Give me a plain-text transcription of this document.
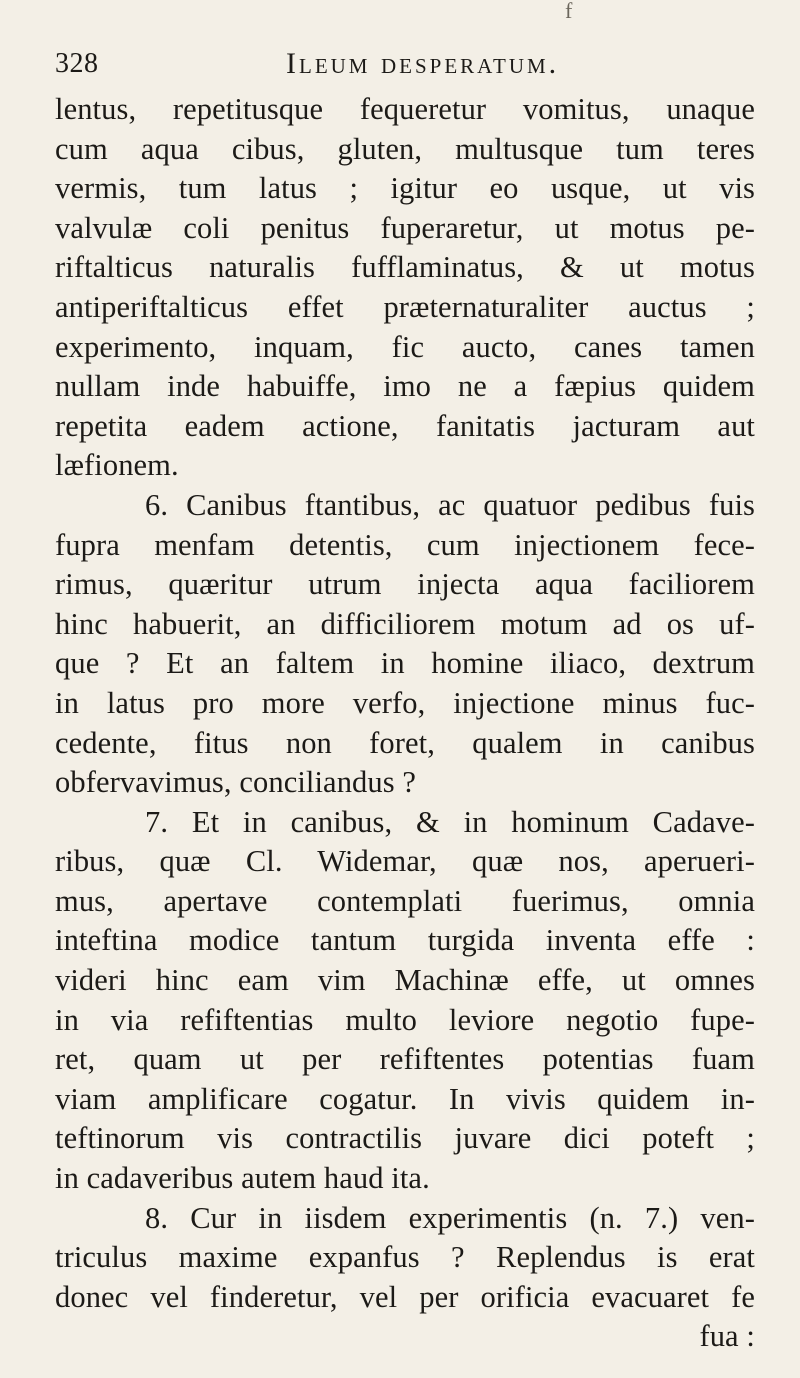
f
328	Ileum desperatum.
lentus, repetitusque fequeretur vomitus, unaque
cum aqua cibus, gluten, multusque tum teres
vermis, tum latus ; igitur eo usque, ut vis
valvulæ coli penitus fuperaretur, ut motus pe-
riftalticus naturalis fufflaminatus, & ut motus
antiperiftalticus effet præternaturaliter auctus ;
experimento, inquam, fic aucto, canes tamen
nullam inde habuiffe, imo ne a fæpius quidem
repetita eadem actione, fanitatis jacturam aut
læfionem.
6. Canibus ftantibus, ac quatuor pedibus fuis
fupra menfam detentis, cum injectionem fece-
rimus, quæritur utrum injecta aqua faciliorem
hinc habuerit, an difficiliorem motum ad os uf-
que ? Et an faltem in homine iliaco, dextrum
in latus pro more verfo, injectione minus fuc-
cedente, fitus non foret, qualem in canibus
obfervavimus, conciliandus ?
7. Et in canibus, & in hominum Cadave-
ribus, quæ Cl. Widemar, quæ nos, aperueri-
mus, apertave contemplati fuerimus, omnia
inteftina modice tantum turgida inventa effe :
videri hinc eam vim Machinæ effe, ut omnes
in via refiftentias multo leviore negotio fupe-
ret, quam ut per refiftentes potentias fuam
viam amplificare cogatur. In vivis quidem in-
teftinorum vis contractilis juvare dici poteft ;
in cadaveribus autem haud ita.
8. Cur in iisdem experimentis (n. 7.) ven-
triculus maxime expanfus ? Replendus is erat
donec vel finderetur, vel per orificia evacuaret fe
fua :
